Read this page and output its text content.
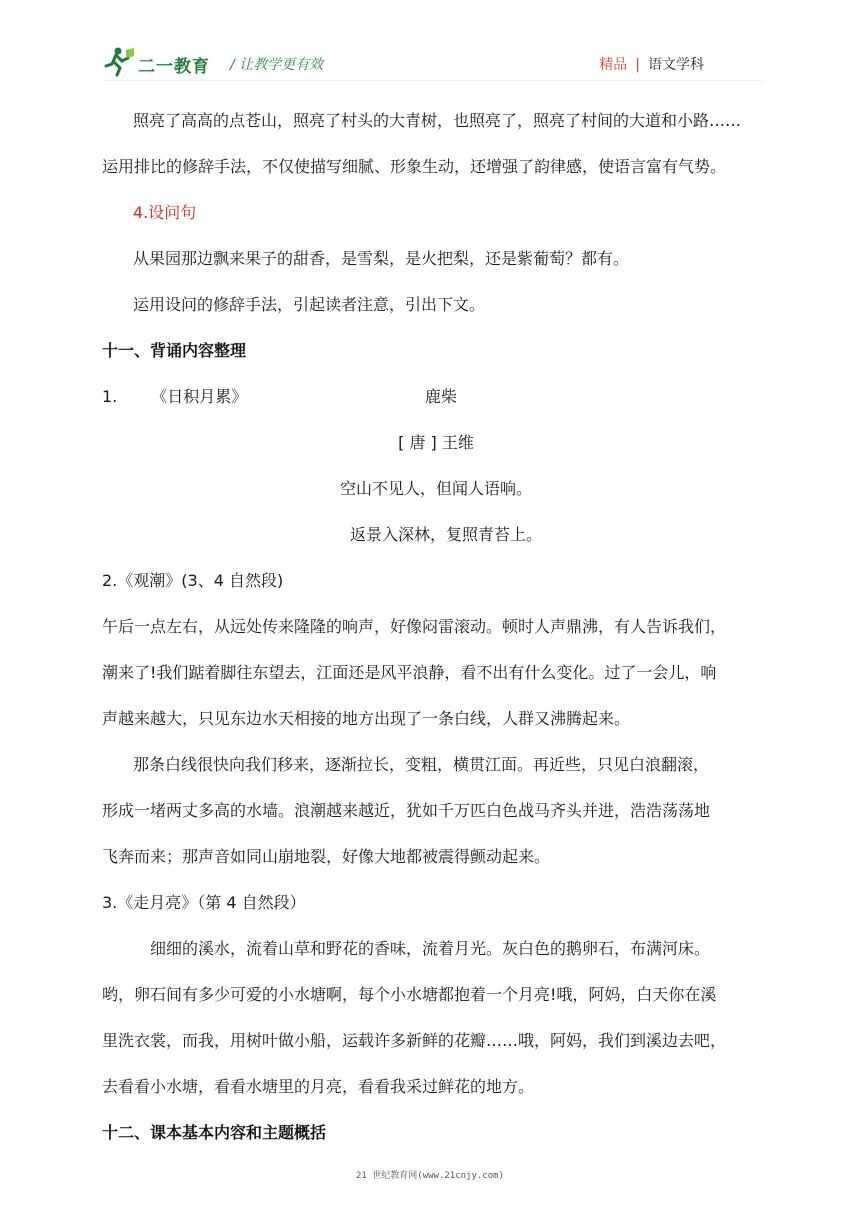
二一教育 / 让教学更有效	精品 | 语文学科
照亮了高高的点苍山，照亮了村头的大青树，也照亮了，照亮了村间的大道和小路……
运用排比的修辞手法，不仅使描写细腻、形象生动，还增强了韵律感，使语言富有气势。
4.设问句
从果园那边飘来果子的甜香，是雪梨，是火把梨，还是紫葡萄？都有。
运用设问的修辞手法，引起读者注意，引出下文。
十一、背诵内容整理
1. 《日积月累》	鹿柴
[ 唐 ] 王维
空山不见人，但闻人语响。
返景入深林，复照青苔上。
2.《观潮》(3、4 自然段)
午后一点左右，从远处传来隆隆的响声，好像闷雷滚动。顿时人声鼎沸，有人告诉我们，
潮来了!我们踮着脚往东望去，江面还是风平浪静，看不出有什么变化。过了一会儿，响
声越来越大，只见东边水天相接的地方出现了一条白线，人群又沸腾起来。
那条白线很快向我们移来，逐渐拉长，变粗，横贯江面。再近些，只见白浪翻滚，
形成一堵两丈多高的水墙。浪潮越来越近，犹如千万匹白色战马齐头并进，浩浩荡荡地
飞奔而来；那声音如同山崩地裂，好像大地都被震得颤动起来。
3.《走月亮》（第 4 自然段）
细细的溪水，流着山草和野花的香味，流着月光。灰白色的鹅卵石，布满河床。
哟，卵石间有多少可爱的小水塘啊，每个小水塘都抱着一个月亮!哦，阿妈，白天你在溪
里洗衣裳，而我，用树叶做小船，运载许多新鲜的花瓣……哦，阿妈，我们到溪边去吧，
去看看小水塘，看看水塘里的月亮，看看我采过鲜花的地方。
十二、课本基本内容和主题概括
21 世纪教育网(www.21cnjy.com)
